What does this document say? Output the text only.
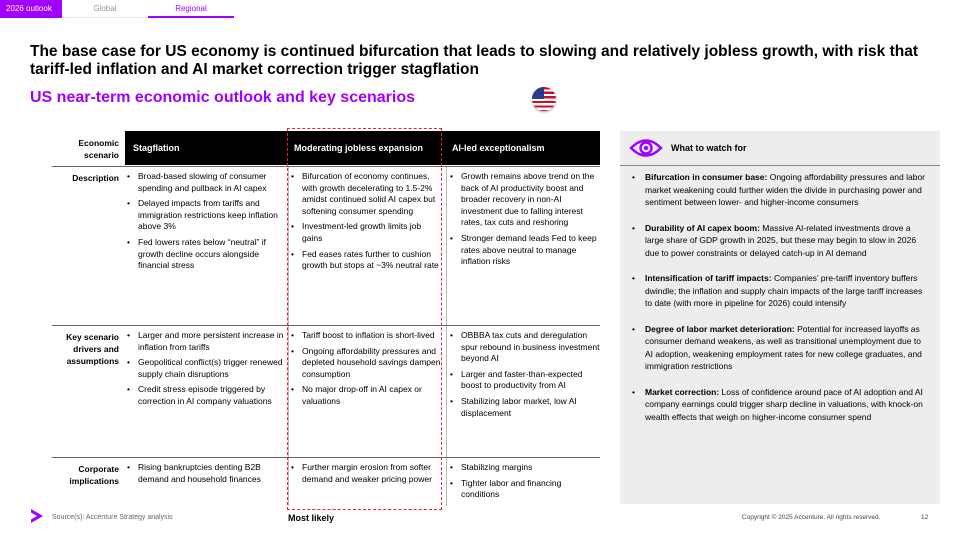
2026 outlook	Global	Regional
The base case for US economy is continued bifurcation that leads to slowing and relatively jobless growth, with risk that tariff-led inflation and AI market correction trigger stagflation
US near-term economic outlook and key scenarios
Economic scenario
Stagflation	Moderating jobless expansion	AI-led exceptionalism
Description
•	Broad-based slowing of consumer spending and pullback in AI capex
• Delayed impacts from tariffs and immigration restrictions keep inflation above 3%
• Fed lowers rates below “neutral” if growth decline occurs alongside financial stress
• Bifurcation of economy continues, with growth decelerating to 1.5-2% amidst continued solid AI capex but softening consumer spending
• Investment-led growth limits job gains
• Fed eases rates further to cushion growth but stops at ~3% neutral rate
• Growth remains above trend on the back of AI productivity boost and broader recovery in non-AI investment due to falling interest rates, tax cuts and reshoring
• Stronger demand leads Fed to keep rates above neutral to manage inflation risks
Key scenario drivers and assumptions
• Larger and more persistent increase in inflation from tariffs
• Geopolitical conflict(s) trigger renewed supply chain disruptions
• Credit stress episode triggered by correction in AI company valuations
• Tariff boost to inflation is short-lived
• Ongoing affordability pressures and depleted household savings dampen consumption
• No major drop-off in AI capex or valuations
• OBBBA tax cuts and deregulation spur rebound in business investment beyond AI
• Larger and faster-than-expected boost to productivity from AI
• Stabilizing labor market, low AI displacement
Corporate implications
• Rising bankruptcies denting B2B demand and household finances
• Further margin erosion from softer demand and weaker pricing power
• Stabilizing margins
• Tighter labor and financing conditions
Most likely
What to watch for
• Bifurcation in consumer base: Ongoing affordability pressures and labor market weakening could further widen the divide in purchasing power and sentiment between lower- and higher-income consumers
• Durability of AI capex boom: Massive AI-related investments drove a large share of GDP growth in 2025, but these may begin to slow in 2026 due to power constraints or delayed catch-up in AI demand
• Intensification of tariff impacts: Companies’ pre-tariff inventory buffers dwindle; the inflation and supply chain impacts of the large tariff increases to date (with more in pipeline for 2026) could intensify
• Degree of labor market deterioration: Potential for increased layoffs as consumer demand weakens, as well as transitional unemployment due to AI adoption, weakening employment rates for new college graduates, and immigration restrictions
• Market correction: Loss of confidence around pace of AI adoption and AI company earnings could trigger sharp decline in valuations, with knock-on wealth effects that weigh on higher-income consumer spend
Source(s): Accenture Strategy analysis	Copyright © 2025 Accenture. All rights reserved.	12
